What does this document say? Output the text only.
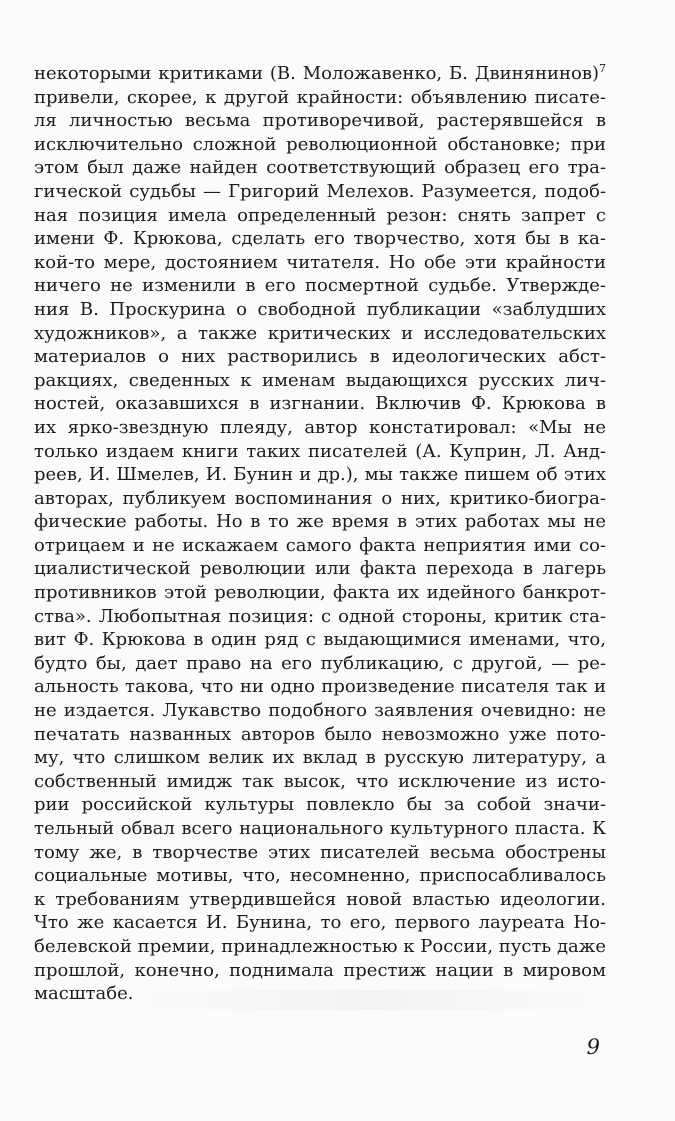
некоторыми критиками (В. Моложавенко, Б. Двинянинов)$^7$
привели, скорее, к другой крайности: объявлению писате-
ля личностью весьма противоречивой, растерявшейся в
исключительно сложной революционной обстановке; при
этом был даже найден соответствующий образец его тра-
гической судьбы — Григорий Мелехов. Разумеется, подоб-
ная позиция имела определенный резон: снять запрет с
имени Ф. Крюкова, сделать его творчество, хотя бы в ка-
кой-то мере, достоянием читателя. Но обе эти крайности
ничего не изменили в его посмертной судьбе. Утвержде-
ния В. Проскурина о свободной публикации «заблудших
художников», а также критических и исследовательских
материалов о них растворились в идеологических абст-
ракциях, сведенных к именам выдающихся русских лич-
ностей, оказавшихся в изгнании. Включив Ф. Крюкова в
их ярко-звездную плеяду, автор констатировал: «Мы не
только издаем книги таких писателей (А. Куприн, Л. Анд-
реев, И. Шмелев, И. Бунин и др.), мы также пишем об этих
авторах, публикуем воспоминания о них, критико-биогра-
фические работы. Но в то же время в этих работах мы не
отрицаем и не искажаем самого факта неприятия ими со-
циалистической революции или факта перехода в лагерь
противников этой революции, факта их идейного банкрот-
ства». Любопытная позиция: с одной стороны, критик ста-
вит Ф. Крюкова в один ряд с выдающимися именами, что,
будто бы, дает право на его публикацию, с другой, — ре-
альность такова, что ни одно произведение писателя так и
не издается. Лукавство подобного заявления очевидно: не
печатать названных авторов было невозможно уже пото-
му, что слишком велик их вклад в русскую литературу, а
собственный имидж так высок, что исключение из исто-
рии российской культуры повлекло бы за собой значи-
тельный обвал всего национального культурного пласта. К
тому же, в творчестве этих писателей весьма обострены
социальные мотивы, что, несомненно, приспосабливалось
к требованиям утвердившейся новой властью идеологии.
Что же касается И. Бунина, то его, первого лауреата Но-
белевской премии, принадлежностью к России, пусть даже
прошлой, конечно, поднимала престиж нации в мировом
масштабе.
9
